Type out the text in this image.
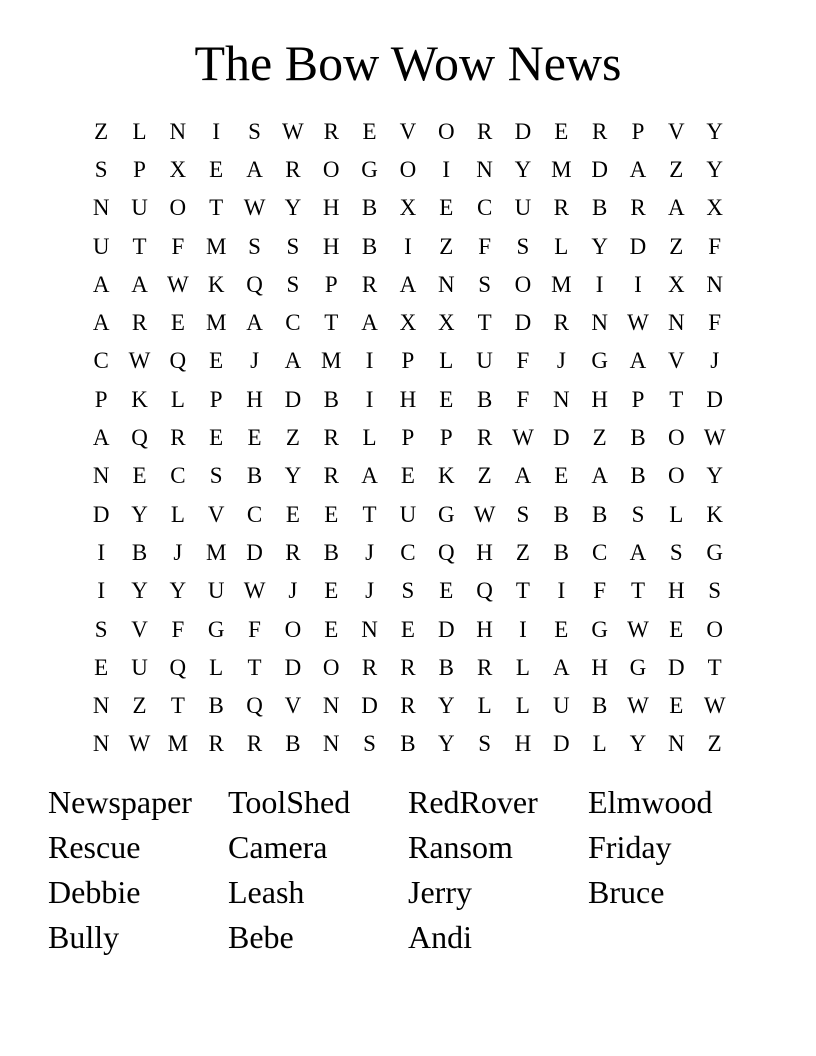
The Bow Wow News
Z	L	N	I	S W R	E	V O R D	E	R	P	V Y
S	P	X	E	A R O G O	I	N Y M D A	Z	Y
N U O	T W Y H B X	E	C U R	B	R A X
U	T	F M S	S	H B	I	Z	F	S	L	Y D	Z	F
A A W K Q	S	P	R A N	S	O M	I	I	X N
A R	E M A C	T	A X X	T	D R N W N	F
C W Q	E	J	A M	I	P	L	U	F	J	G A V	J
P	K	L	P	H D B	I	H	E	B	F	N H	P	T	D
A Q R	E	E	Z	R	L	P	P	R W D	Z	B O W
N	E	C	S	B Y R A	E	K	Z	A	E	A B O Y
D Y	L	V C	E	E	T	U G W S	B	B	S	L	K
I	B	J	M D R	B	J	C Q H	Z	B	C A	S	G
I	Y Y U W	J	E	J	S	E	Q	T	I	F	T	H	S
S	V	F	G	F	O	E	N	E	D H	I	E	G W E	O
E	U Q	L	T	D O R	R	B	R	L	A H G D	T
N	Z	T	B Q V N D R Y	L	L	U B W E W
N W M R	R	B N	S	B Y	S	H D	L	Y N	Z
Newspaper	ToolShed	RedRover	Elmwood
Rescue	Camera	Ransom	Friday
Debbie	Leash	Jerry	Bruce
Bully	Bebe	Andi
